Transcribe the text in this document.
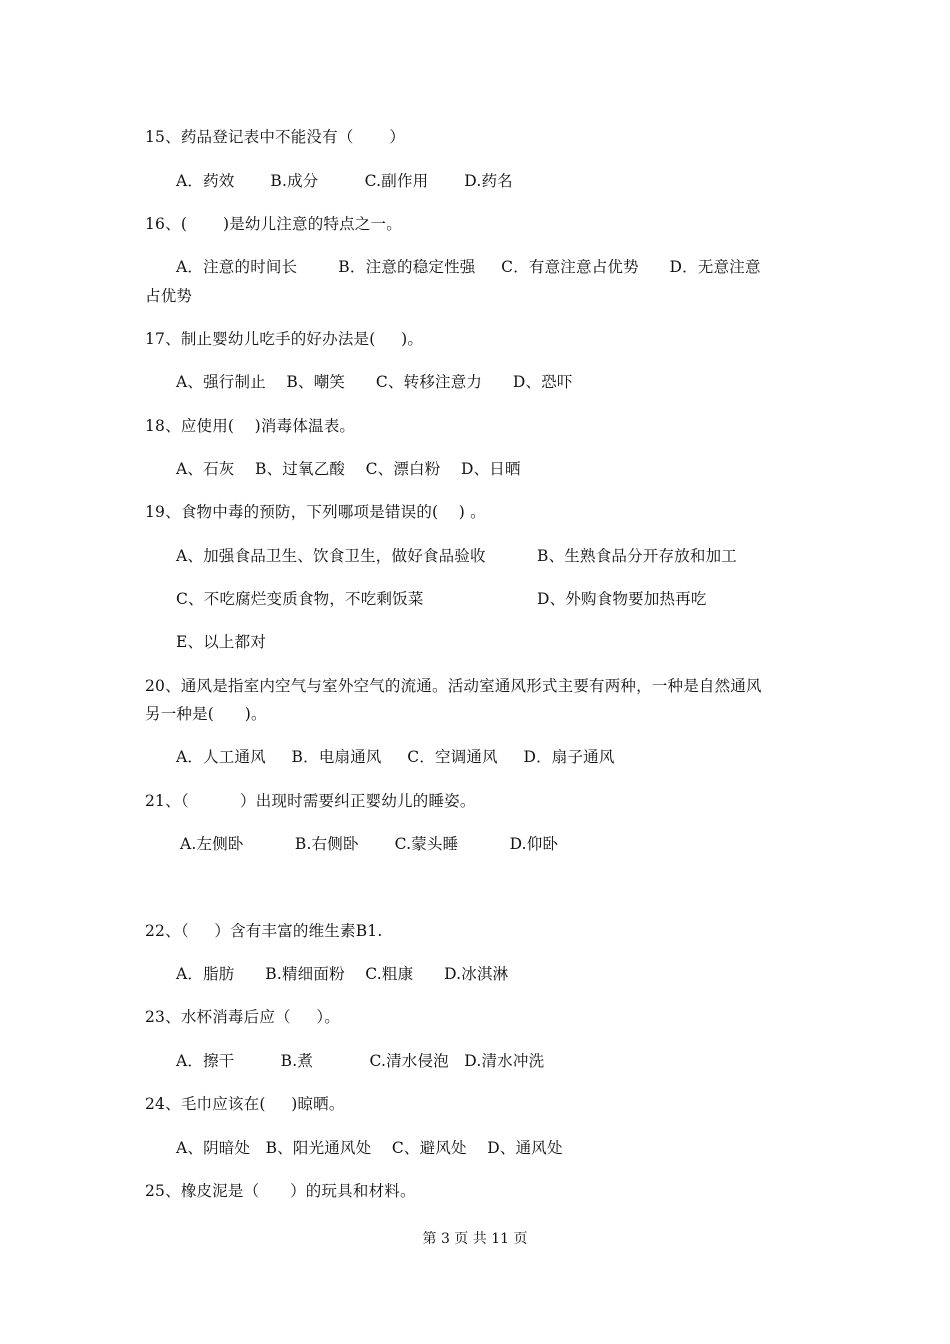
15、药品登记表中不能没有（       ）
A．药效       B.成分         C.副作用       D.药名
16、(       )是幼儿注意的特点之一。
A．注意的时间长        B．注意的稳定性强     C．有意注意占优势      D．无意注意
占优势
17、制止婴幼儿吃手的好办法是(     )。
A、强行制止    B、嘲笑      C、转移注意力      D、恐吓
18、应使用(    )消毒体温表。
A、石灰    B、过氧乙酸    C、漂白粉    D、日晒
19、食物中毒的预防，下列哪项是错误的(    ) 。
A、加强食品卫生、饮食卫生，做好食品验收	B、生熟食品分开存放和加工
C、不吃腐烂变质食物，不吃剩饭菜	D、外购食物要加热再吃
E、以上都对
20、通风是指室内空气与室外空气的流通。活动室通风形式主要有两种，一种是自然通风
另一种是(      )。
A．人工通风     B．电扇通风     C．空调通风     D．扇子通风
21、（          ）出现时需要纠正婴幼儿的睡姿。
A.左侧卧          B.右侧卧       C.蒙头睡          D.仰卧
22、（     ）含有丰富的维生素B1.
A．脂肪      B.精细面粉    C.粗康      D.冰淇淋
23、水杯消毒后应（     ）。
A．擦干         B.煮           C.清水侵泡   D.清水冲洗
24、毛巾应该在(     )晾晒。
A、阴暗处   B、阳光通风处    C、避风处    D、通风处
25、橡皮泥是（      ）的玩具和材料。
第 3 页 共 11 页
